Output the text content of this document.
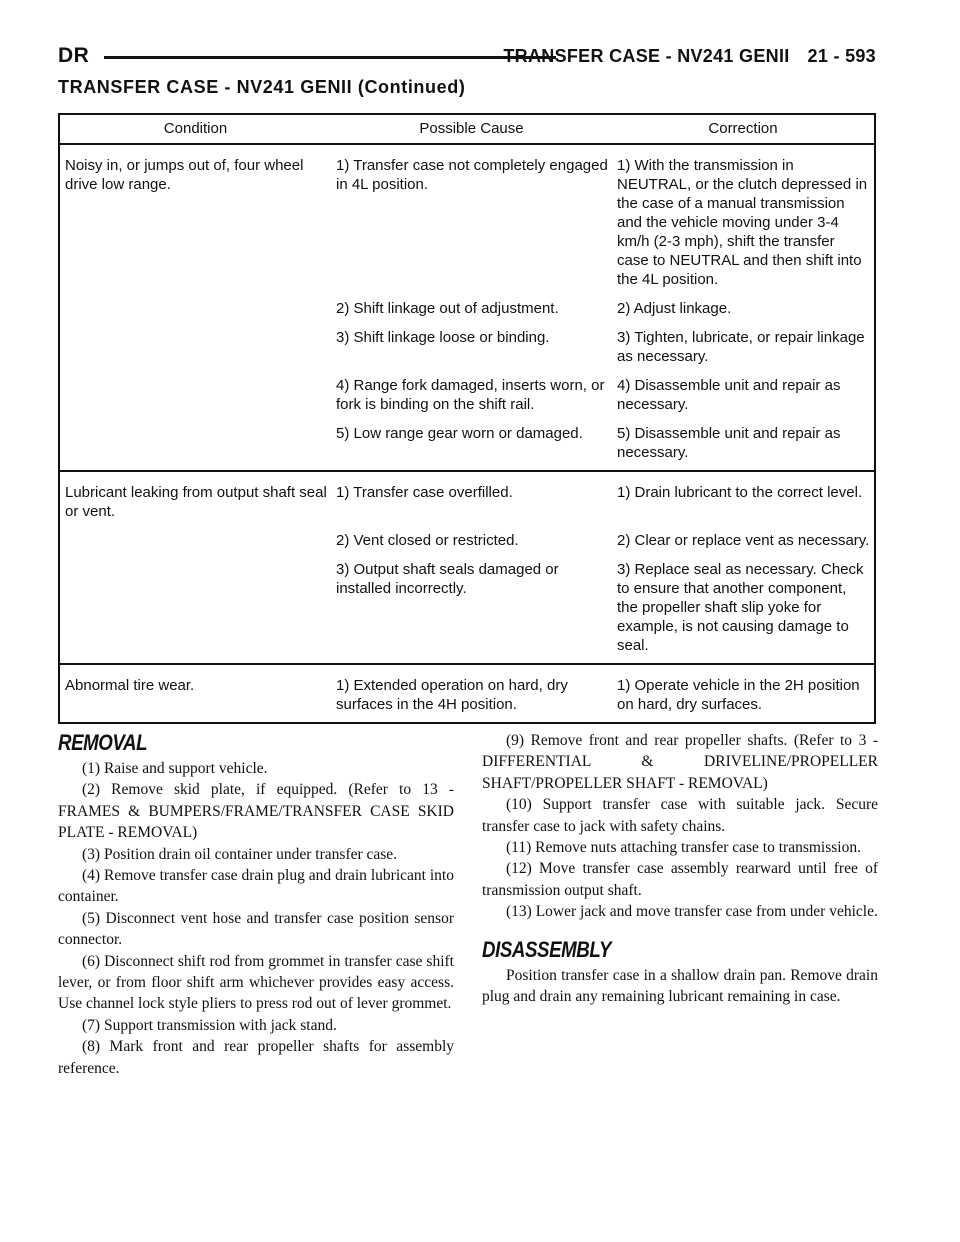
DR	TRANSFER CASE - NV241 GENII 21 - 593
TRANSFER CASE - NV241 GENII (Continued)
Condition	Possible Cause	Correction
Noisy in, or jumps out of, four wheel drive low range.	1) Transfer case not completely engaged in 4L position.	1) With the transmission in NEUTRAL, or the clutch depressed in the case of a manual transmission and the vehicle moving under 3-4 km/h (2-3 mph), shift the transfer case to NEUTRAL and then shift into the 4L position.
	2) Shift linkage out of adjustment.	2) Adjust linkage.
	3) Shift linkage loose or binding.	3) Tighten, lubricate, or repair linkage as necessary.
	4) Range fork damaged, inserts worn, or fork is binding on the shift rail.	4) Disassemble unit and repair as necessary.
	5) Low range gear worn or damaged.	5) Disassemble unit and repair as necessary.
Lubricant leaking from output shaft seal or vent.	1) Transfer case overfilled.	1) Drain lubricant to the correct level.
	2) Vent closed or restricted.	2) Clear or replace vent as necessary.
	3) Output shaft seals damaged or installed incorrectly.	3) Replace seal as necessary. Check to ensure that another component, the propeller shaft slip yoke for example, is not causing damage to seal.
Abnormal tire wear.	1) Extended operation on hard, dry surfaces in the 4H position.	1) Operate vehicle in the 2H position on hard, dry surfaces.
REMOVAL

(1) Raise and support vehicle.

(2) Remove skid plate, if equipped. (Refer to 13 - FRAMES & BUMPERS/FRAME/TRANSFER CASE SKID PLATE - REMOVAL)

(3) Position drain oil container under transfer case.

(4) Remove transfer case drain plug and drain lubricant into container.

(5) Disconnect vent hose and transfer case position sensor connector.

(6) Disconnect shift rod from grommet in transfer case shift lever, or from floor shift arm whichever provides easy access. Use channel lock style pliers to press rod out of lever grommet.

(7) Support transmission with jack stand.

(8) Mark front and rear propeller shafts for assembly reference.

(9) Remove front and rear propeller shafts. (Refer to 3 - DIFFERENTIAL & DRIVELINE/PROPELLER SHAFT/PROPELLER SHAFT - REMOVAL)

(10) Support transfer case with suitable jack. Secure transfer case to jack with safety chains.

(11) Remove nuts attaching transfer case to transmission.

(12) Move transfer case assembly rearward until free of transmission output shaft.

(13) Lower jack and move transfer case from under vehicle.

DISASSEMBLY

Position transfer case in a shallow drain pan. Remove drain plug and drain any remaining lubricant remaining in case.
